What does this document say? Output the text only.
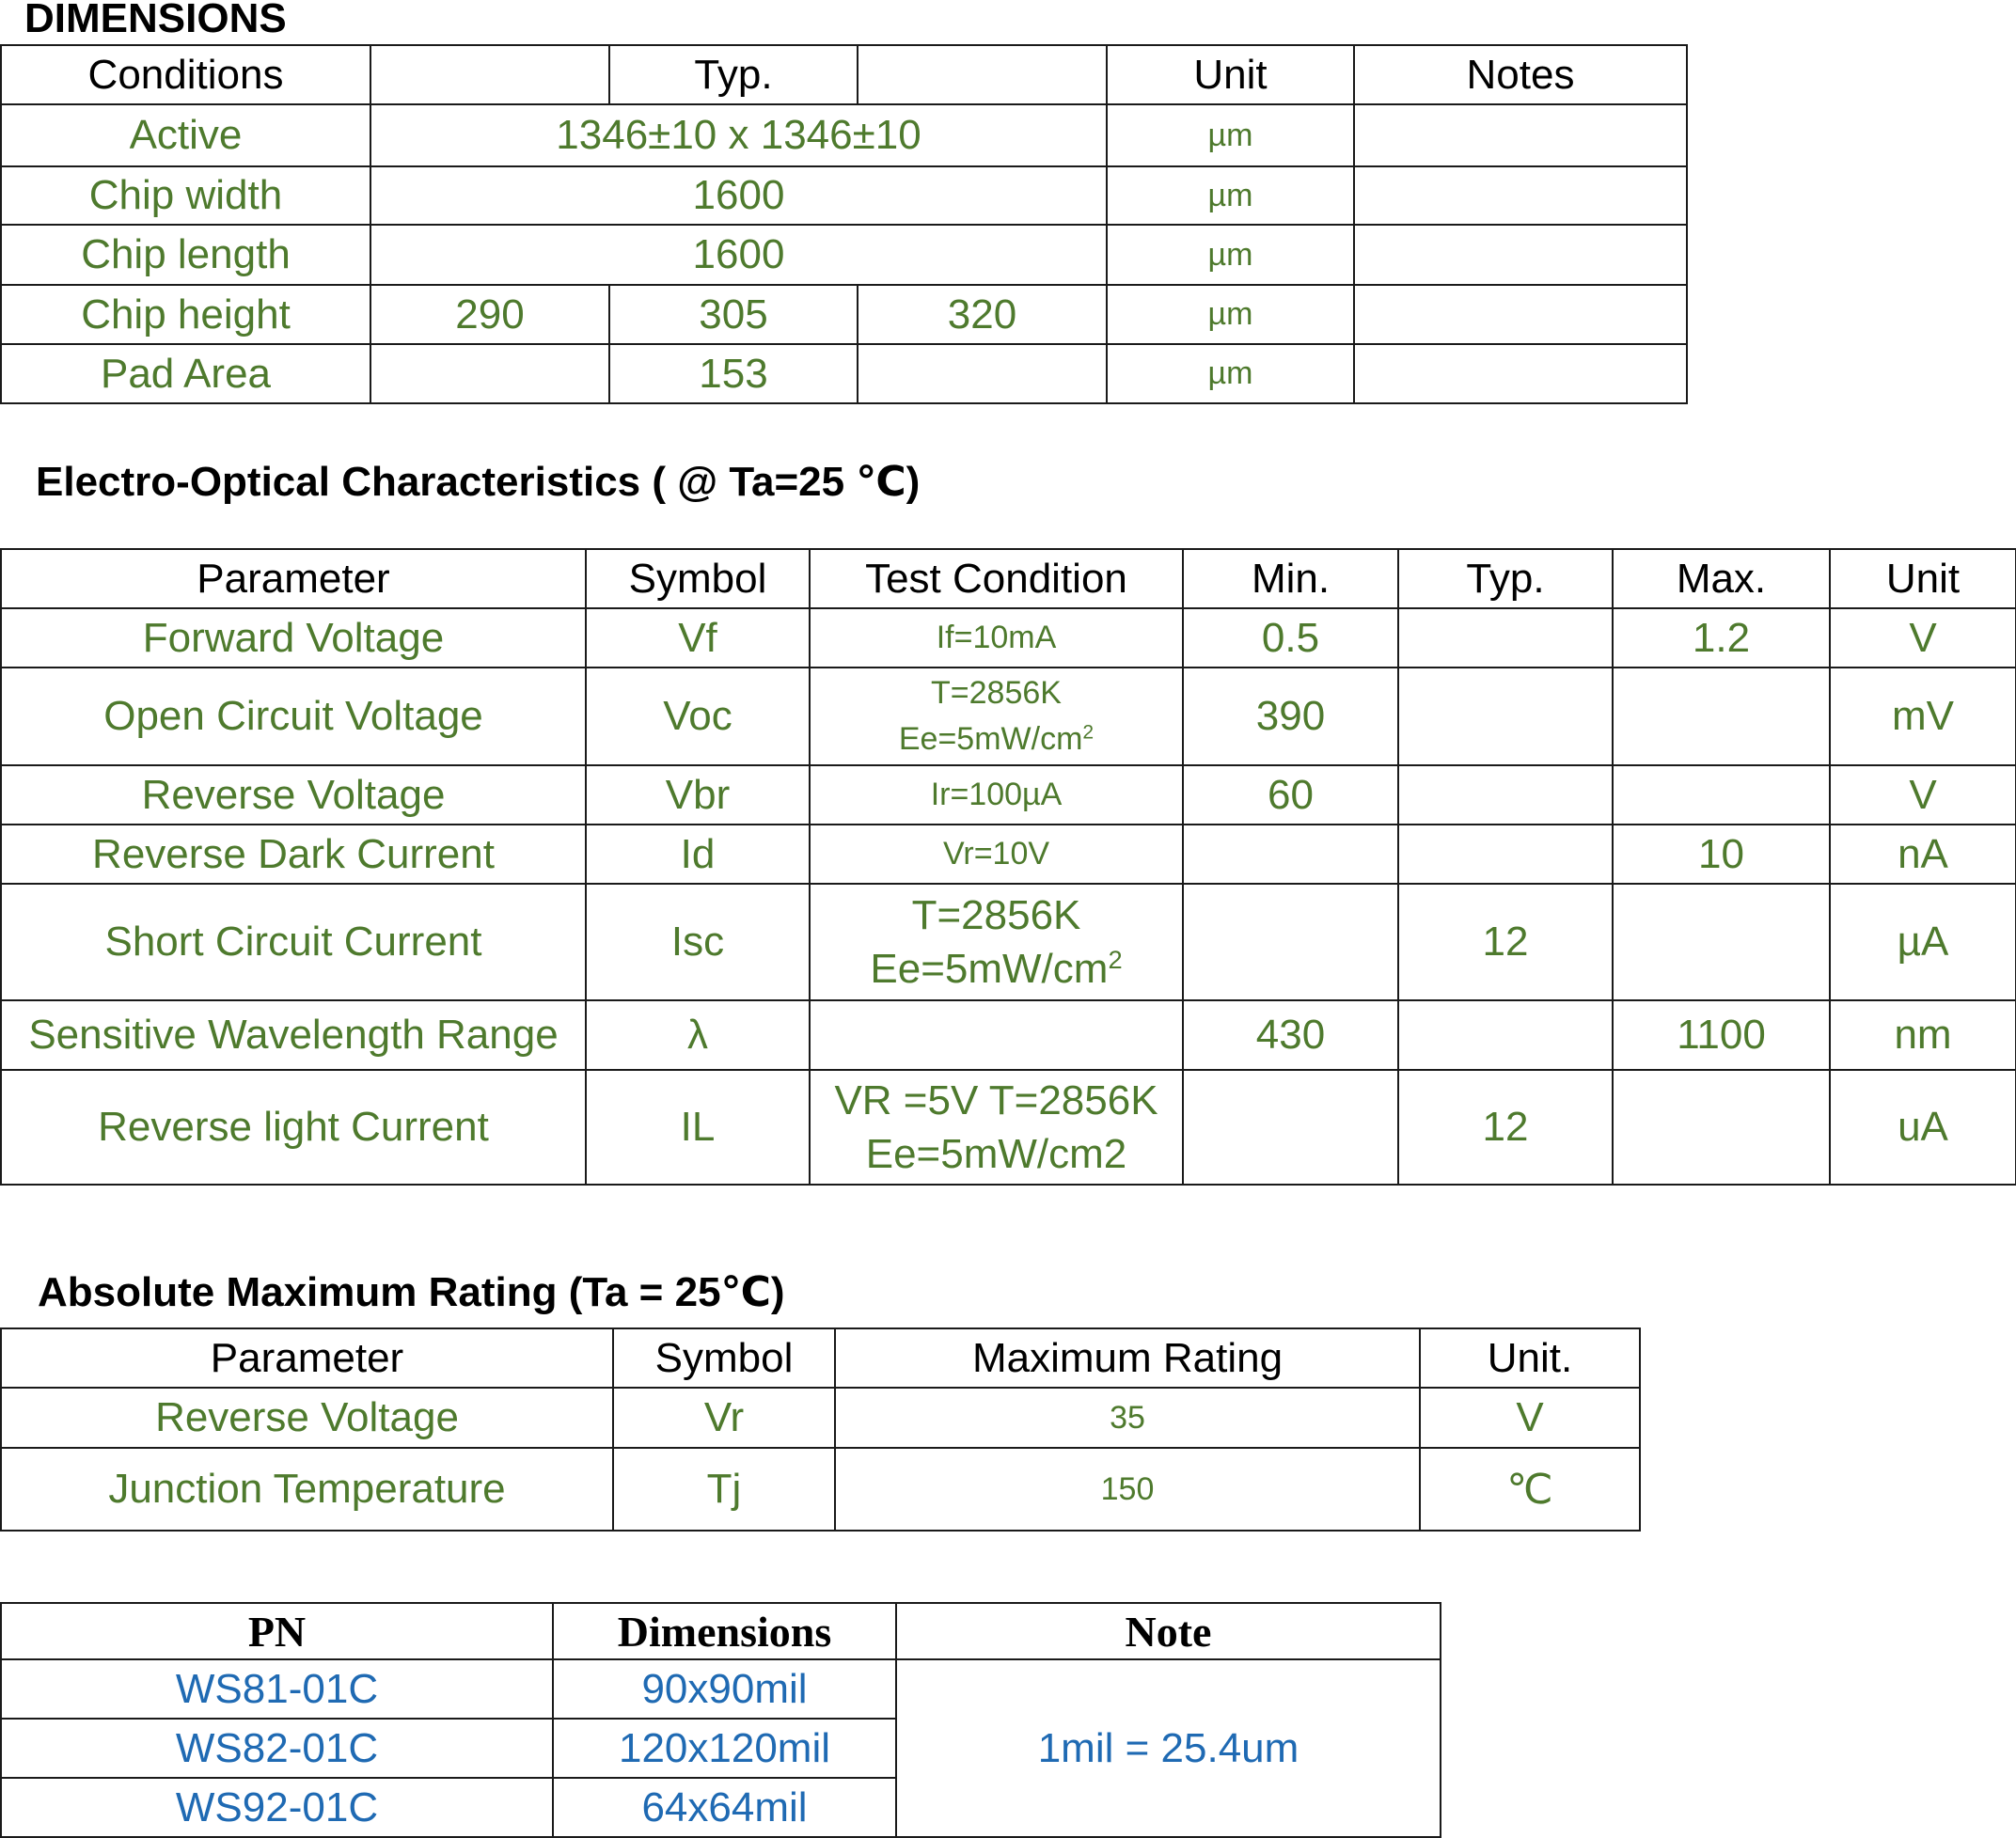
DIMENSIONS
Conditions		Typ.		Unit	Notes
Active	1346±10 x 1346±10			µm	
Chip width	1600			µm	
Chip length	1600			µm	
Chip height	290	305	320	µm	
Pad Area		153		µm	
Electro-Optical Characteristics ( @ Ta=25 ℃)
Parameter	Symbol	Test Condition	Min.	Typ.	Max.	Unit
Forward Voltage	Vf	If=10mA	0.5		1.2	V
Open Circuit Voltage	Voc	T=2856K
$Ee=5mW/cm^2$	390			mV
Reverse Voltage	Vbr	Ir=100µA	60			V
Reverse Dark Current	Id	Vr=10V			10	nA
Short Circuit Current	Isc	T=2856K
$Ee=5mW/cm^2$		12		µA
Sensitive Wavelength Range	λ		430		1100	nm
Reverse light Current	IL	VR =5V T=2856K
Ee=5mW/cm2		12		uA
Absolute Maximum Rating (Ta = 25℃)
Parameter	Symbol	Maximum Rating	Unit.
Reverse Voltage	Vr	35	V
Junction Temperature	Tj	150	℃
PN	Dimensions	Note
WS81-01C	90x90mil	1mil = 25.4um
WS82-01C	120x120mil	
WS92-01C	64x64mil	
